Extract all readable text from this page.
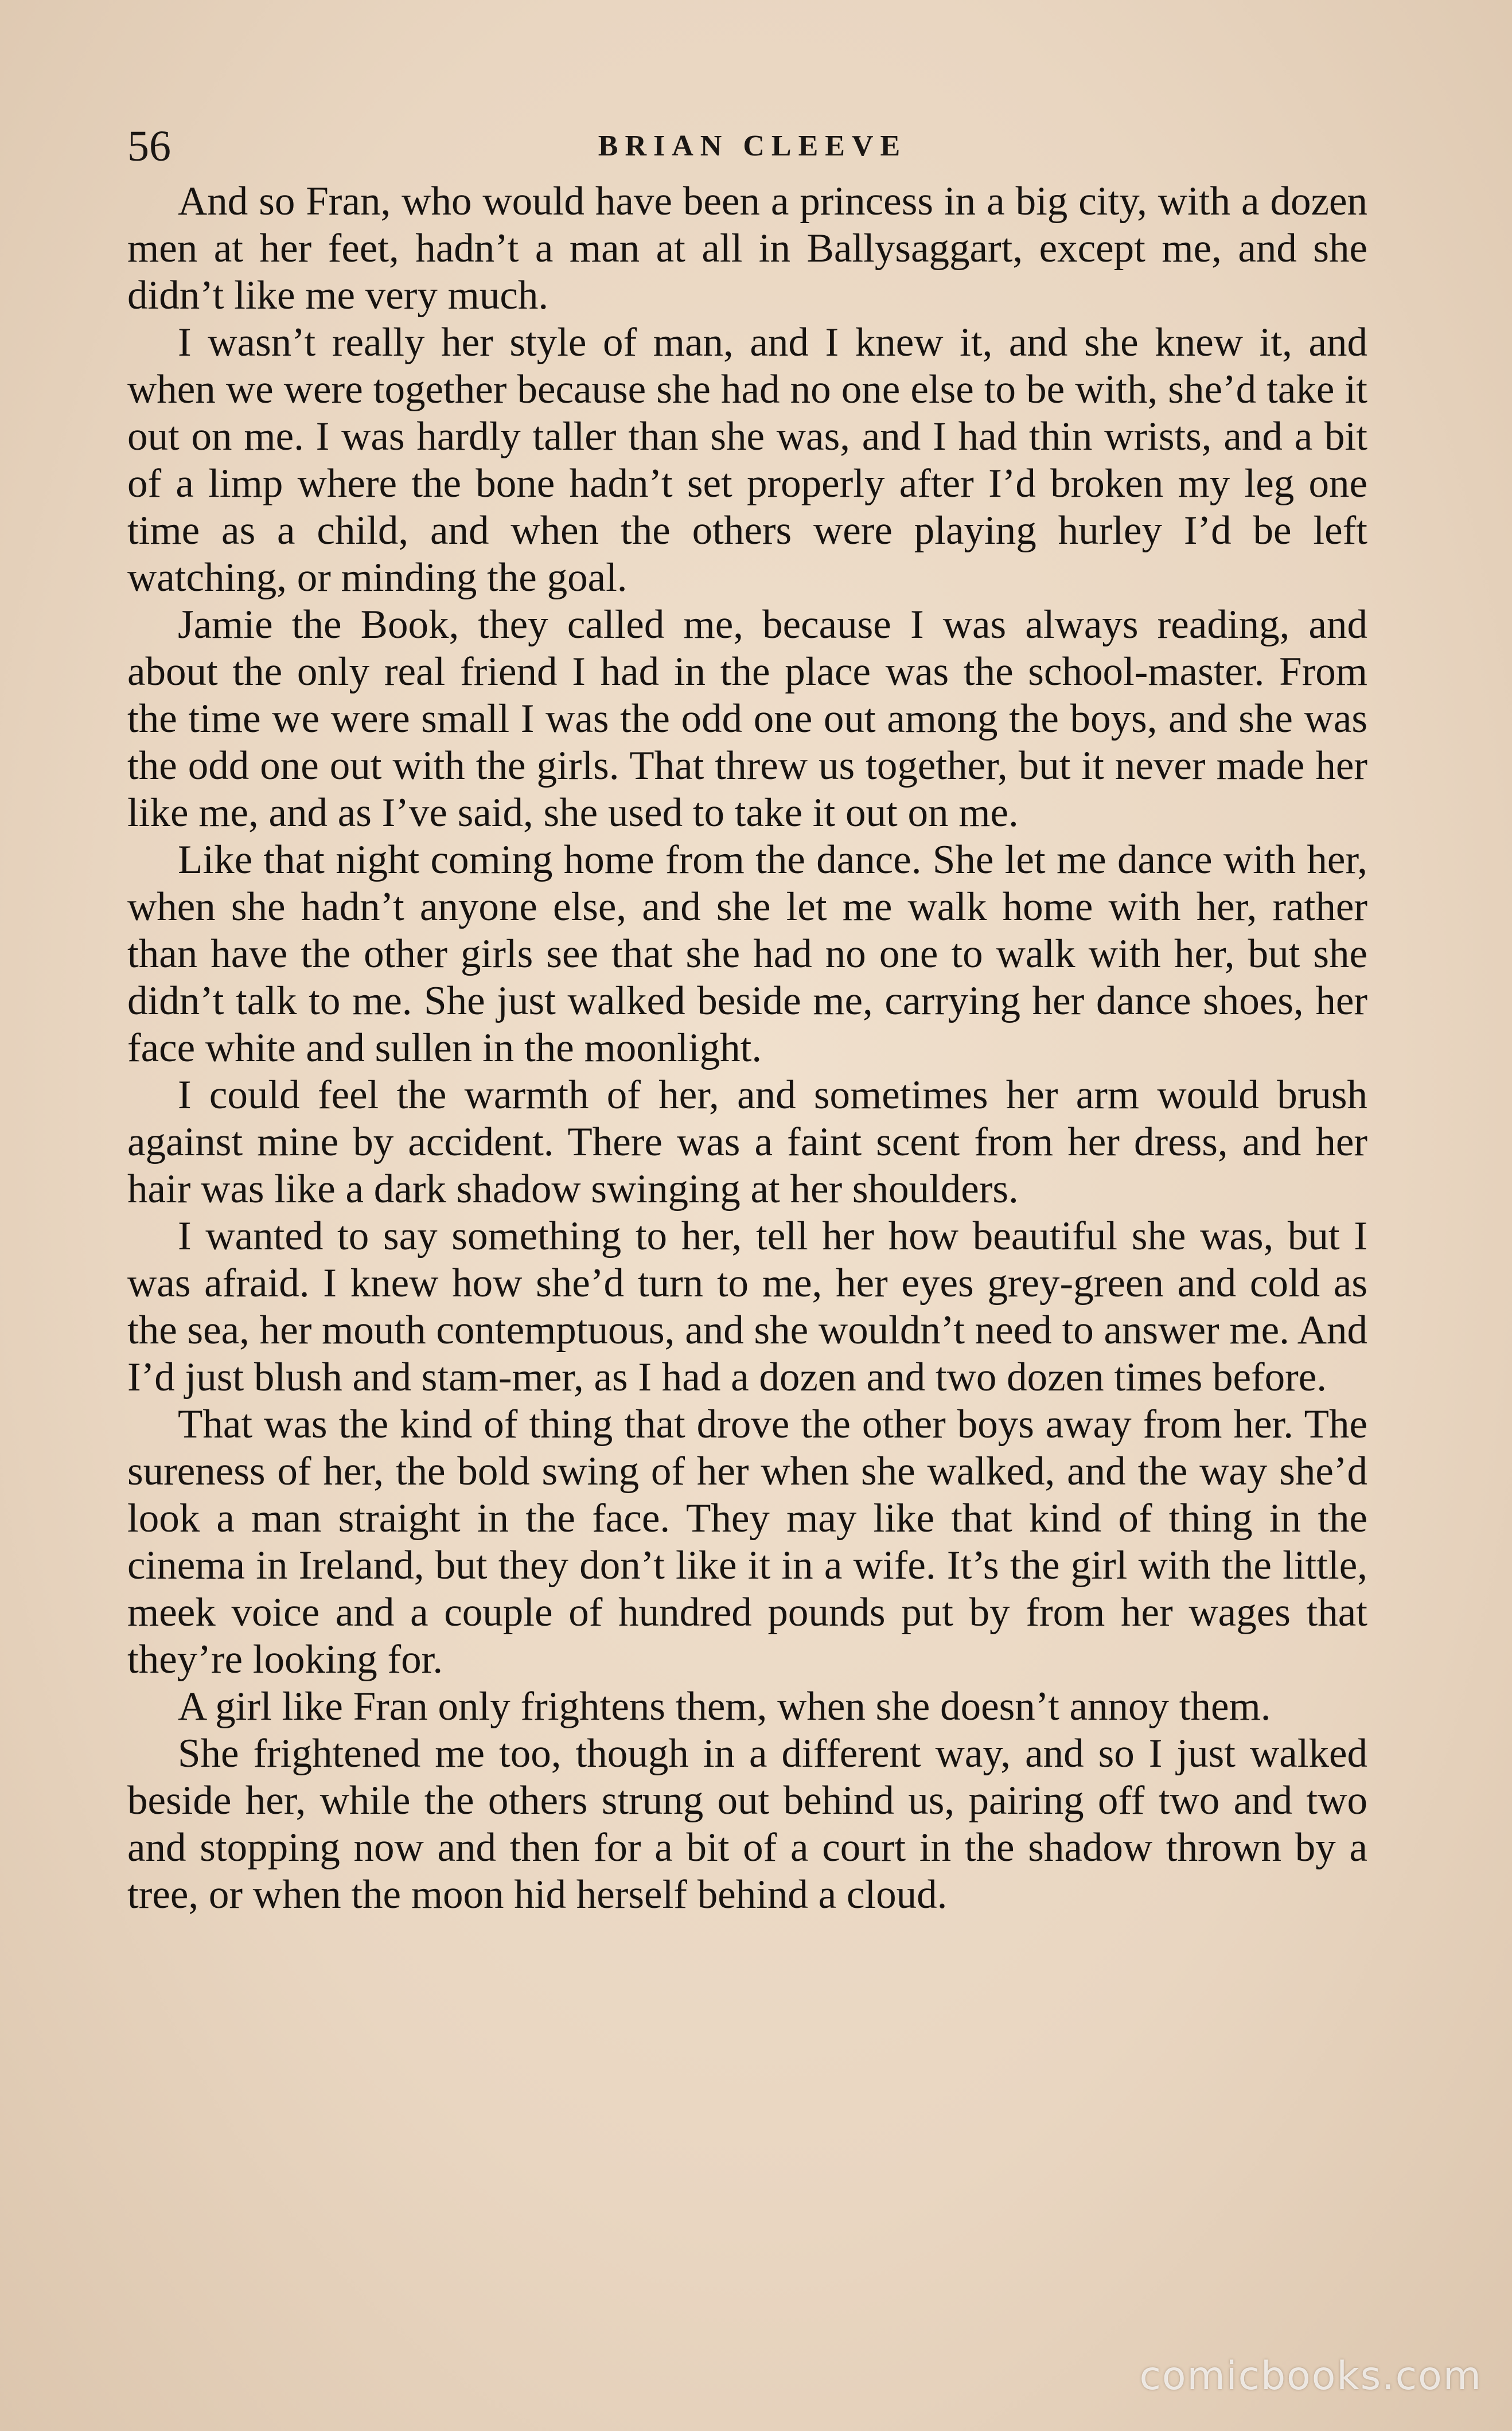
56	BRIAN CLEEVE

And so Fran, who would have been a princess in a big city, with a dozen men at her feet, hadn’t a man at all in Ballysaggart, except me, and she didn’t like me very much.

I wasn’t really her style of man, and I knew it, and she knew it, and when we were together because she had no one else to be with, she’d take it out on me. I was hardly taller than she was, and I had thin wrists, and a bit of a limp where the bone hadn’t set properly after I’d broken my leg one time as a child, and when the others were playing hurley I’d be left watching, or minding the goal.

Jamie the Book, they called me, because I was always reading, and about the only real friend I had in the place was the school-master. From the time we were small I was the odd one out among the boys, and she was the odd one out with the girls. That threw us together, but it never made her like me, and as I’ve said, she used to take it out on me.

Like that night coming home from the dance. She let me dance with her, when she hadn’t anyone else, and she let me walk home with her, rather than have the other girls see that she had no one to walk with her, but she didn’t talk to me. She just walked beside me, carrying her dance shoes, her face white and sullen in the moonlight.

I could feel the warmth of her, and sometimes her arm would brush against mine by accident. There was a faint scent from her dress, and her hair was like a dark shadow swinging at her shoulders.

I wanted to say something to her, tell her how beautiful she was, but I was afraid. I knew how she’d turn to me, her eyes grey-green and cold as the sea, her mouth contemptuous, and she wouldn’t need to answer me. And I’d just blush and stam-mer, as I had a dozen and two dozen times before.

That was the kind of thing that drove the other boys away from her. The sureness of her, the bold swing of her when she walked, and the way she’d look a man straight in the face. They may like that kind of thing in the cinema in Ireland, but they don’t like it in a wife. It’s the girl with the little, meek voice and a couple of hundred pounds put by from her wages that they’re looking for.

A girl like Fran only frightens them, when she doesn’t annoy them.

She frightened me too, though in a different way, and so I just walked beside her, while the others strung out behind us, pairing off two and two and stopping now and then for a bit of a court in the shadow thrown by a tree, or when the moon hid herself behind a cloud.

comicbooks.com
